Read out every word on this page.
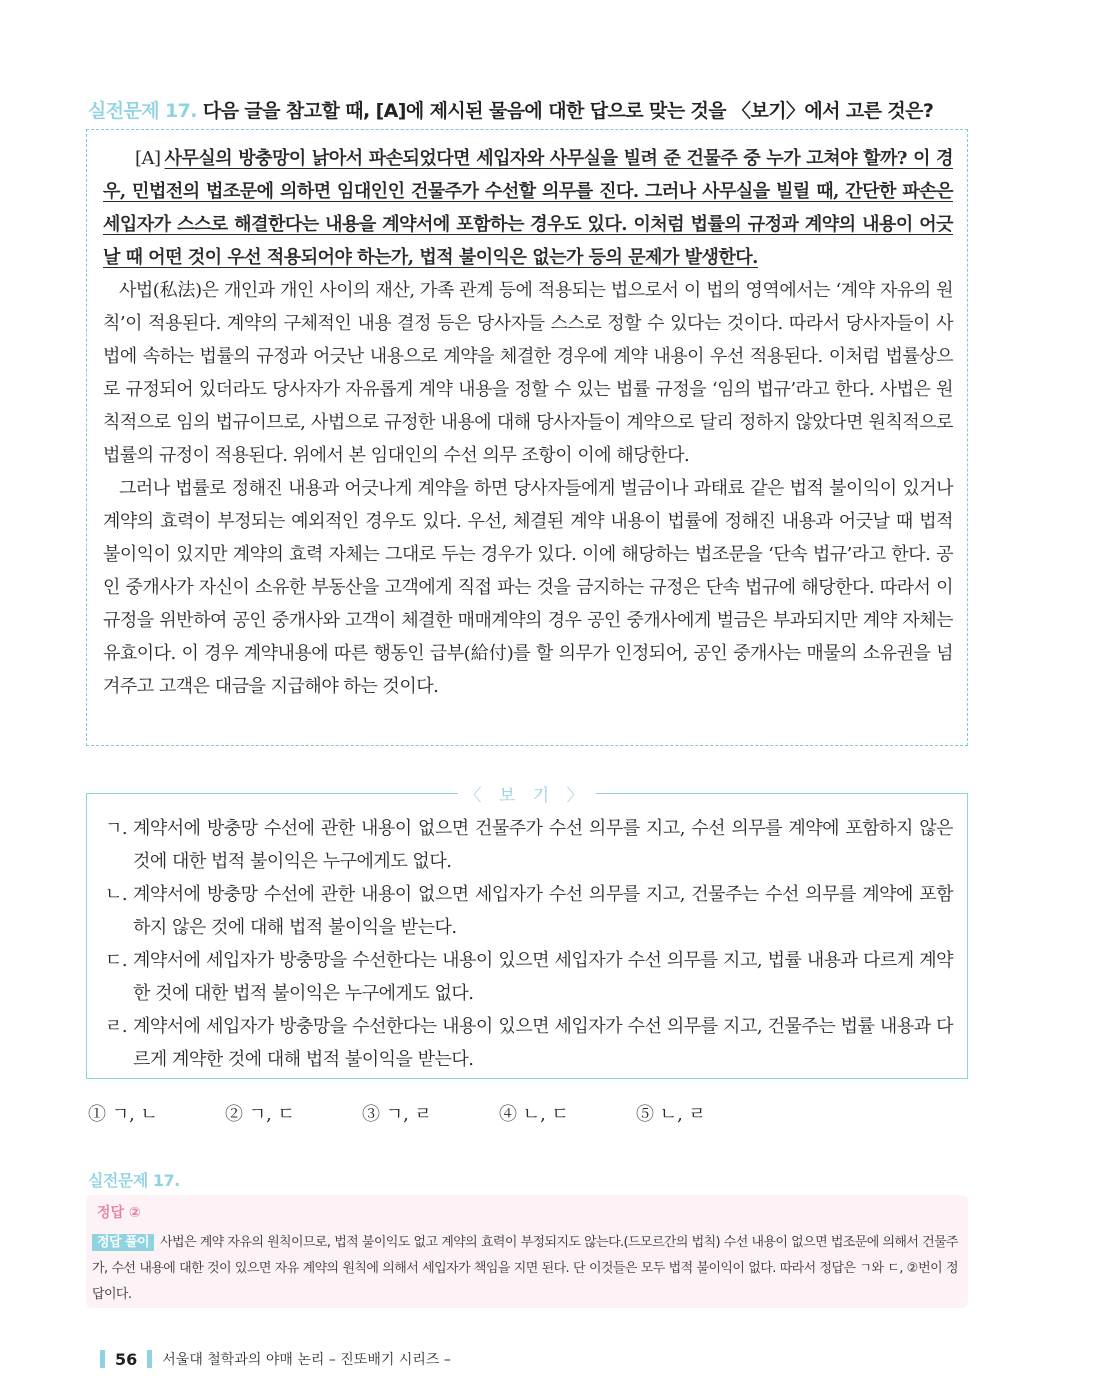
실전문제 17. 다음 글을 참고할 때, [A]에 제시된 물음에 대한 답으로 맞는 것을 〈보기〉에서 고른 것은?

[A] 사무실의 방충망이 낡아서 파손되었다면 세입자와 사무실을 빌려 준 건물주 중 누가 고쳐야 할까? 이 경우, 민법전의 법조문에 의하면 임대인인 건물주가 수선할 의무를 진다. 그러나 사무실을 빌릴 때, 간단한 파손은 세입자가 스스로 해결한다는 내용을 계약서에 포함하는 경우도 있다. 이처럼 법률의 규정과 계약의 내용이 어긋날 때 어떤 것이 우선 적용되어야 하는가, 법적 불이익은 없는가 등의 문제가 발생한다.

사법(私法)은 개인과 개인 사이의 재산, 가족 관계 등에 적용되는 법으로서 이 법의 영역에서는 ‘계약 자유의 원칙’이 적용된다. 계약의 구체적인 내용 결정 등은 당사자들 스스로 정할 수 있다는 것이다. 따라서 당사자들이 사법에 속하는 법률의 규정과 어긋난 내용으로 계약을 체결한 경우에 계약 내용이 우선 적용된다. 이처럼 법률상으로 규정되어 있더라도 당사자가 자유롭게 계약 내용을 정할 수 있는 법률 규정을 ‘임의 법규’라고 한다. 사법은 원칙적으로 임의 법규이므로, 사법으로 규정한 내용에 대해 당사자들이 계약으로 달리 정하지 않았다면 원칙적으로 법률의 규정이 적용된다. 위에서 본 임대인의 수선 의무 조항이 이에 해당한다.

그러나 법률로 정해진 내용과 어긋나게 계약을 하면 당사자들에게 벌금이나 과태료 같은 법적 불이익이 있거나 계약의 효력이 부정되는 예외적인 경우도 있다. 우선, 체결된 계약 내용이 법률에 정해진 내용과 어긋날 때 법적 불이익이 있지만 계약의 효력 자체는 그대로 두는 경우가 있다. 이에 해당하는 법조문을 ‘단속 법규’라고 한다. 공인 중개사가 자신이 소유한 부동산을 고객에게 직접 파는 것을 금지하는 규정은 단속 법규에 해당한다. 따라서 이 규정을 위반하여 공인 중개사와 고객이 체결한 매매계약의 경우 공인 중개사에게 벌금은 부과되지만 계약 자체는 유효이다. 이 경우 계약내용에 따른 행동인 급부(給付)를 할 의무가 인정되어, 공인 중개사는 매물의 소유권을 넘겨주고 고객은 대금을 지급해야 하는 것이다.

〈 보 기 〉
ㄱ. 계약서에 방충망 수선에 관한 내용이 없으면 건물주가 수선 의무를 지고, 수선 의무를 계약에 포함하지 않은 것에 대한 법적 불이익은 누구에게도 없다.
ㄴ. 계약서에 방충망 수선에 관한 내용이 없으면 세입자가 수선 의무를 지고, 건물주는 수선 의무를 계약에 포함하지 않은 것에 대해 법적 불이익을 받는다.
ㄷ. 계약서에 세입자가 방충망을 수선한다는 내용이 있으면 세입자가 수선 의무를 지고, 법률 내용과 다르게 계약한 것에 대한 법적 불이익은 누구에게도 없다.
ㄹ. 계약서에 세입자가 방충망을 수선한다는 내용이 있으면 세입자가 수선 의무를 지고, 건물주는 법률 내용과 다르게 계약한 것에 대해 법적 불이익을 받는다.
① ㄱ, ㄴ	② ㄱ, ㄷ	③ ㄱ, ㄹ	④ ㄴ, ㄷ	⑤ ㄴ, ㄹ
실전문제 17.
정답 ②
정답 풀이 사법은 계약 자유의 원칙이므로, 법적 불이익도 없고 계약의 효력이 부정되지도 않는다.(드모르간의 법칙) 수선 내용이 없으면 법조문에 의해서 건물주가, 수선 내용에 대한 것이 있으면 자유 계약의 원칙에 의해서 세입자가 책임을 지면 된다. 단 이것들은 모두 법적 불이익이 없다. 따라서 정답은 ㄱ와 ㄷ, ②번이 정답이다.
56 서울대 철학과의 야매 논리 – 진또배기 시리즈 –
